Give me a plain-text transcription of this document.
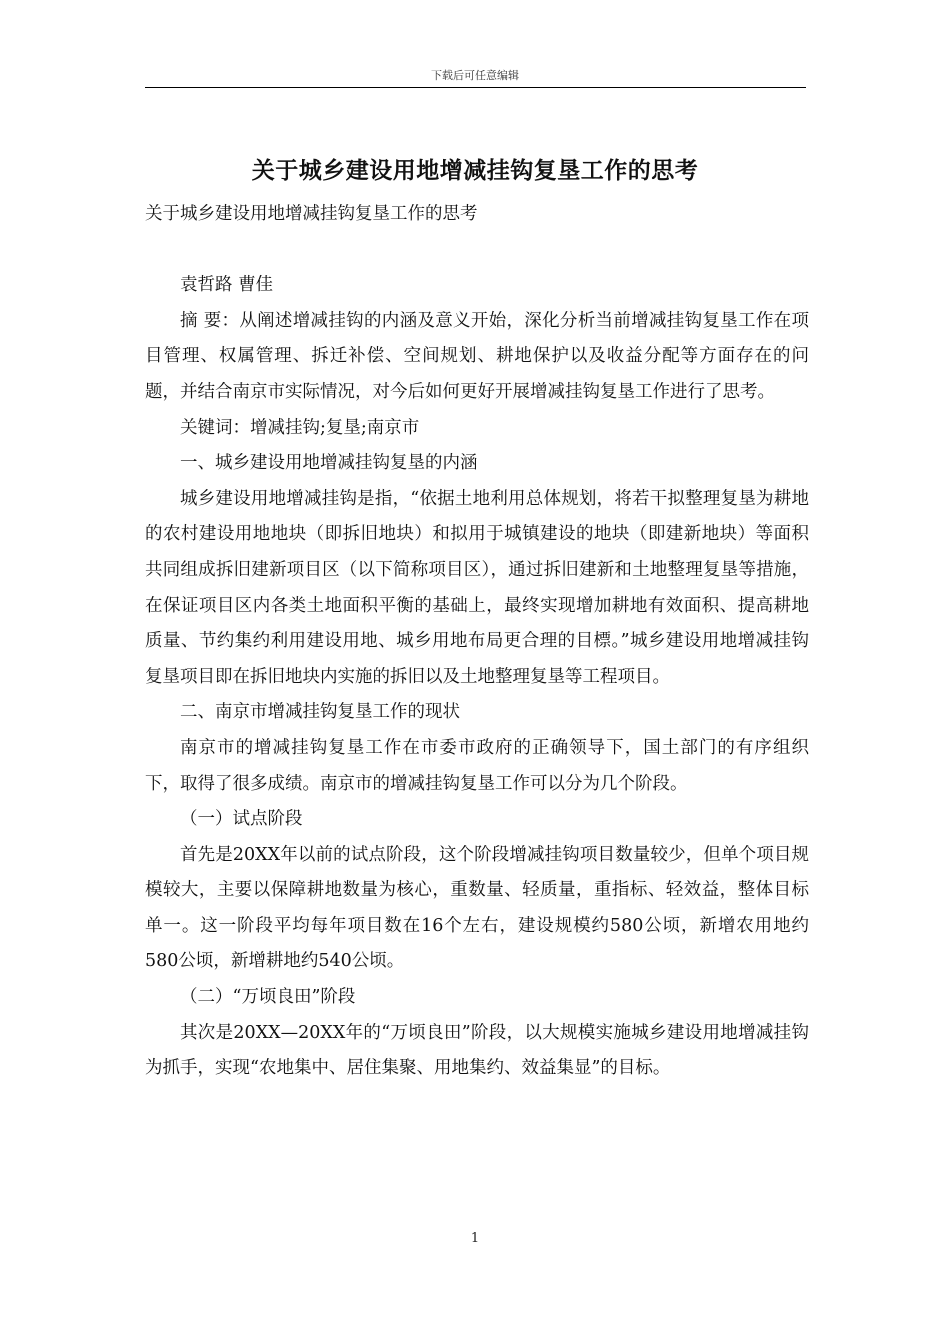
下载后可任意编辑
关于城乡建设用地增减挂钩复垦工作的思考

关于城乡建设用地增减挂钩复垦工作的思考

袁哲路 曹佳

摘 要：从阐述增减挂钩的内涵及意义开始，深化分析当前增减挂钩复垦工作在项目管理、权属管理、拆迁补偿、空间规划、耕地保护以及收益分配等方面存在的问题，并结合南京市实际情况，对今后如何更好开展增减挂钩复垦工作进行了思考。

关键词：增减挂钩;复垦;南京市

一、城乡建设用地增减挂钩复垦的内涵

城乡建设用地增减挂钩是指，“依据土地利用总体规划，将若干拟整理复垦为耕地的农村建设用地地块（即拆旧地块）和拟用于城镇建设的地块（即建新地块）等面积共同组成拆旧建新项目区（以下简称项目区），通过拆旧建新和土地整理复垦等措施，在保证项目区内各类土地面积平衡的基础上，最终实现增加耕地有效面积、提高耕地质量、节约集约利用建设用地、城乡用地布局更合理的目標。”城乡建设用地增减挂钩复垦项目即在拆旧地块内实施的拆旧以及土地整理复垦等工程项目。

二、南京市增减挂钩复垦工作的现状

南京市的增减挂钩复垦工作在市委市政府的正确领导下，国土部门的有序组织下，取得了很多成绩。南京市的增减挂钩复垦工作可以分为几个阶段。

（一）试点阶段

首先是20XX年以前的试点阶段，这个阶段增减挂钩项目数量较少，但单个项目规模较大，主要以保障耕地数量为核心，重数量、轻质量，重指标、轻效益，整体目标单一。这一阶段平均每年项目数在16个左右，建设规模约580公顷，新增农用地约580公顷，新增耕地约540公顷。

（二）“万顷良田”阶段

其次是20XX—20XX年的“万顷良田”阶段，以大规模实施城乡建设用地增减挂钩为抓手，实现“农地集中、居住集聚、用地集约、效益集显”的目标。

1
